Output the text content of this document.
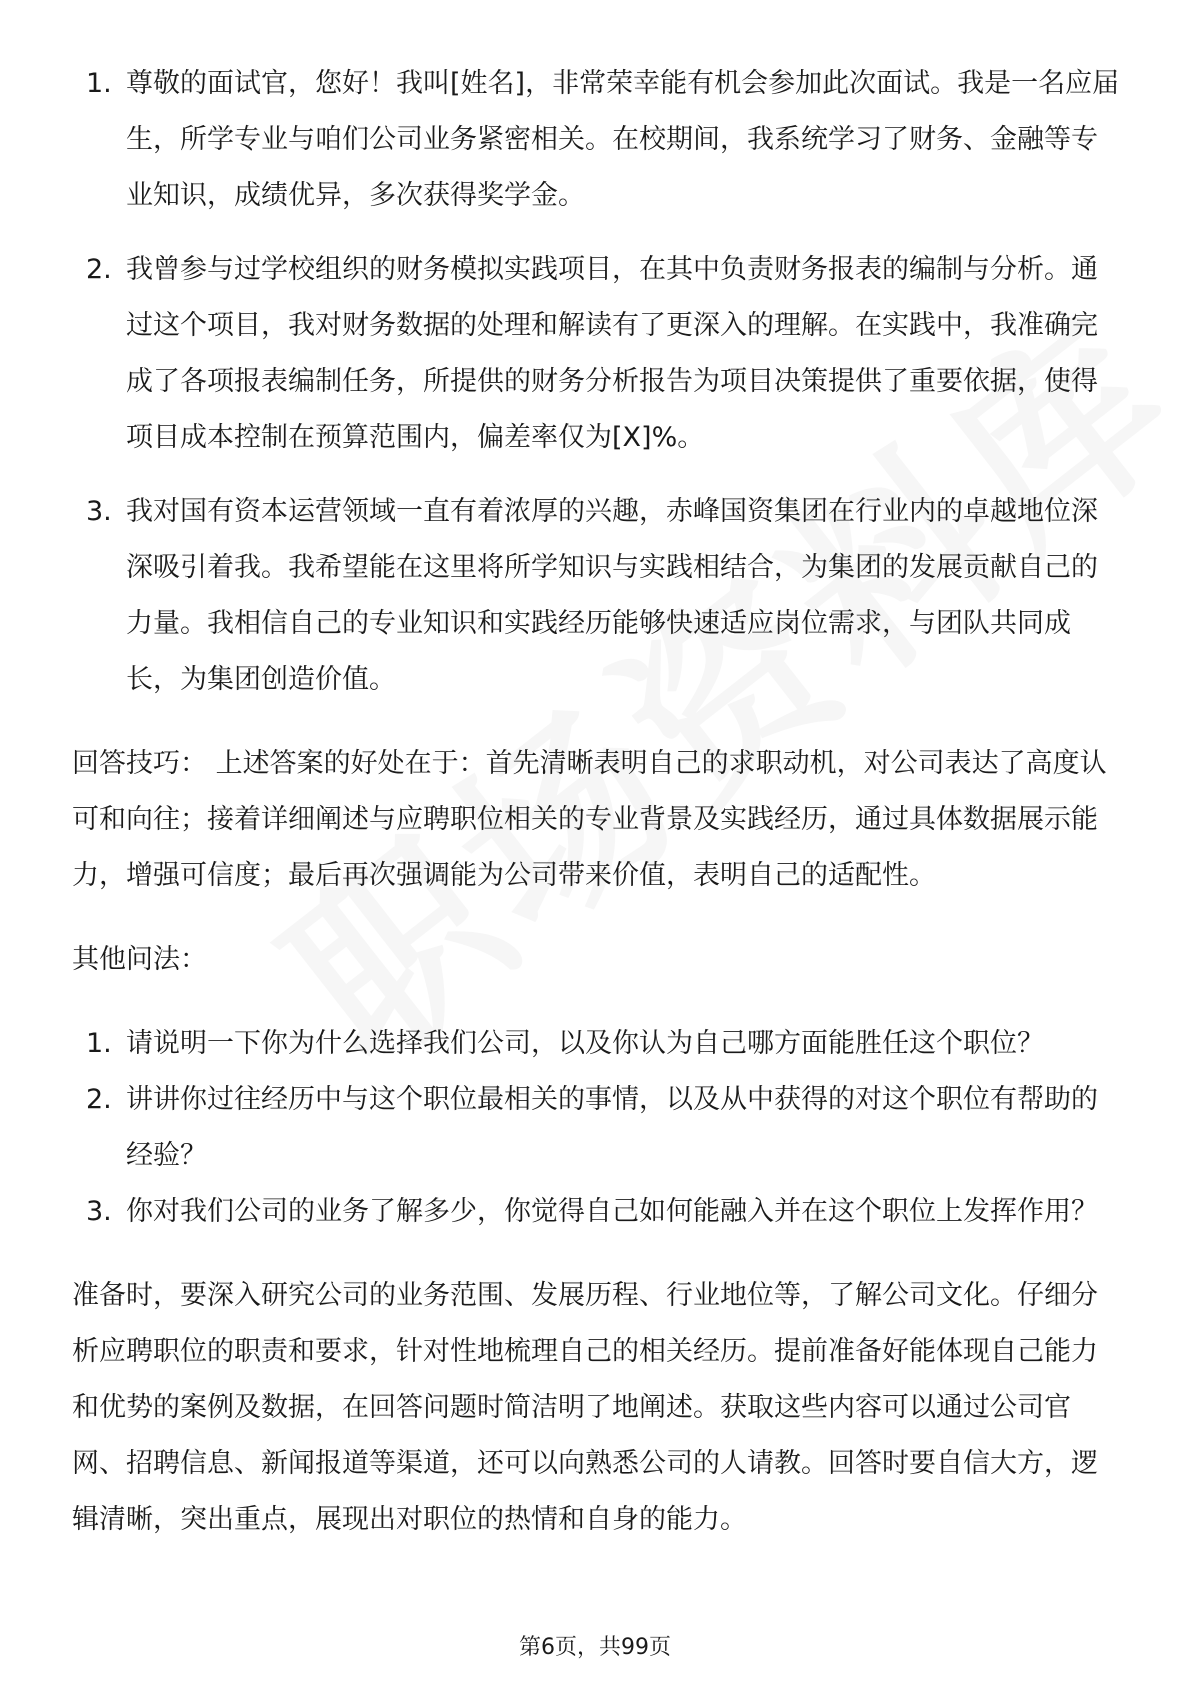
1. 尊敬的面试官，您好！我叫[姓名]，非常荣幸能有机会参加此次面试。我是一名应届生，所学专业与咱们公司业务紧密相关。在校期间，我系统学习了财务、金融等专业知识，成绩优异，多次获得奖学金。
2. 我曾参与过学校组织的财务模拟实践项目，在其中负责财务报表的编制与分析。通过这个项目，我对财务数据的处理和解读有了更深入的理解。在实践中，我准确完成了各项报表编制任务，所提供的财务分析报告为项目决策提供了重要依据，使得项目成本控制在预算范围内，偏差率仅为[X]%。
3. 我对国有资本运营领域一直有着浓厚的兴趣，赤峰国资集团在行业内的卓越地位深深吸引着我。我希望能在这里将所学知识与实践相结合，为集团的发展贡献自己的力量。我相信自己的专业知识和实践经历能够快速适应岗位需求，与团队共同成长，为集团创造价值。

回答技巧： 上述答案的好处在于：首先清晰表明自己的求职动机，对公司表达了高度认可和向往；接着详细阐述与应聘职位相关的专业背景及实践经历，通过具体数据展示能力，增强可信度；最后再次强调能为公司带来价值，表明自己的适配性。

其他问法：

1. 请说明一下你为什么选择我们公司，以及你认为自己哪方面能胜任这个职位？
2. 讲讲你过往经历中与这个职位最相关的事情，以及从中获得的对这个职位有帮助的经验？
3. 你对我们公司的业务了解多少，你觉得自己如何能融入并在这个职位上发挥作用？

准备时，要深入研究公司的业务范围、发展历程、行业地位等，了解公司文化。仔细分析应聘职位的职责和要求，针对性地梳理自己的相关经历。提前准备好能体现自己能力和优势的案例及数据，在回答问题时简洁明了地阐述。获取这些内容可以通过公司官网、招聘信息、新闻报道等渠道，还可以向熟悉公司的人请教。回答时要自信大方，逻辑清晰，突出重点，展现出对职位的热情和自身的能力。

第6页，共99页
